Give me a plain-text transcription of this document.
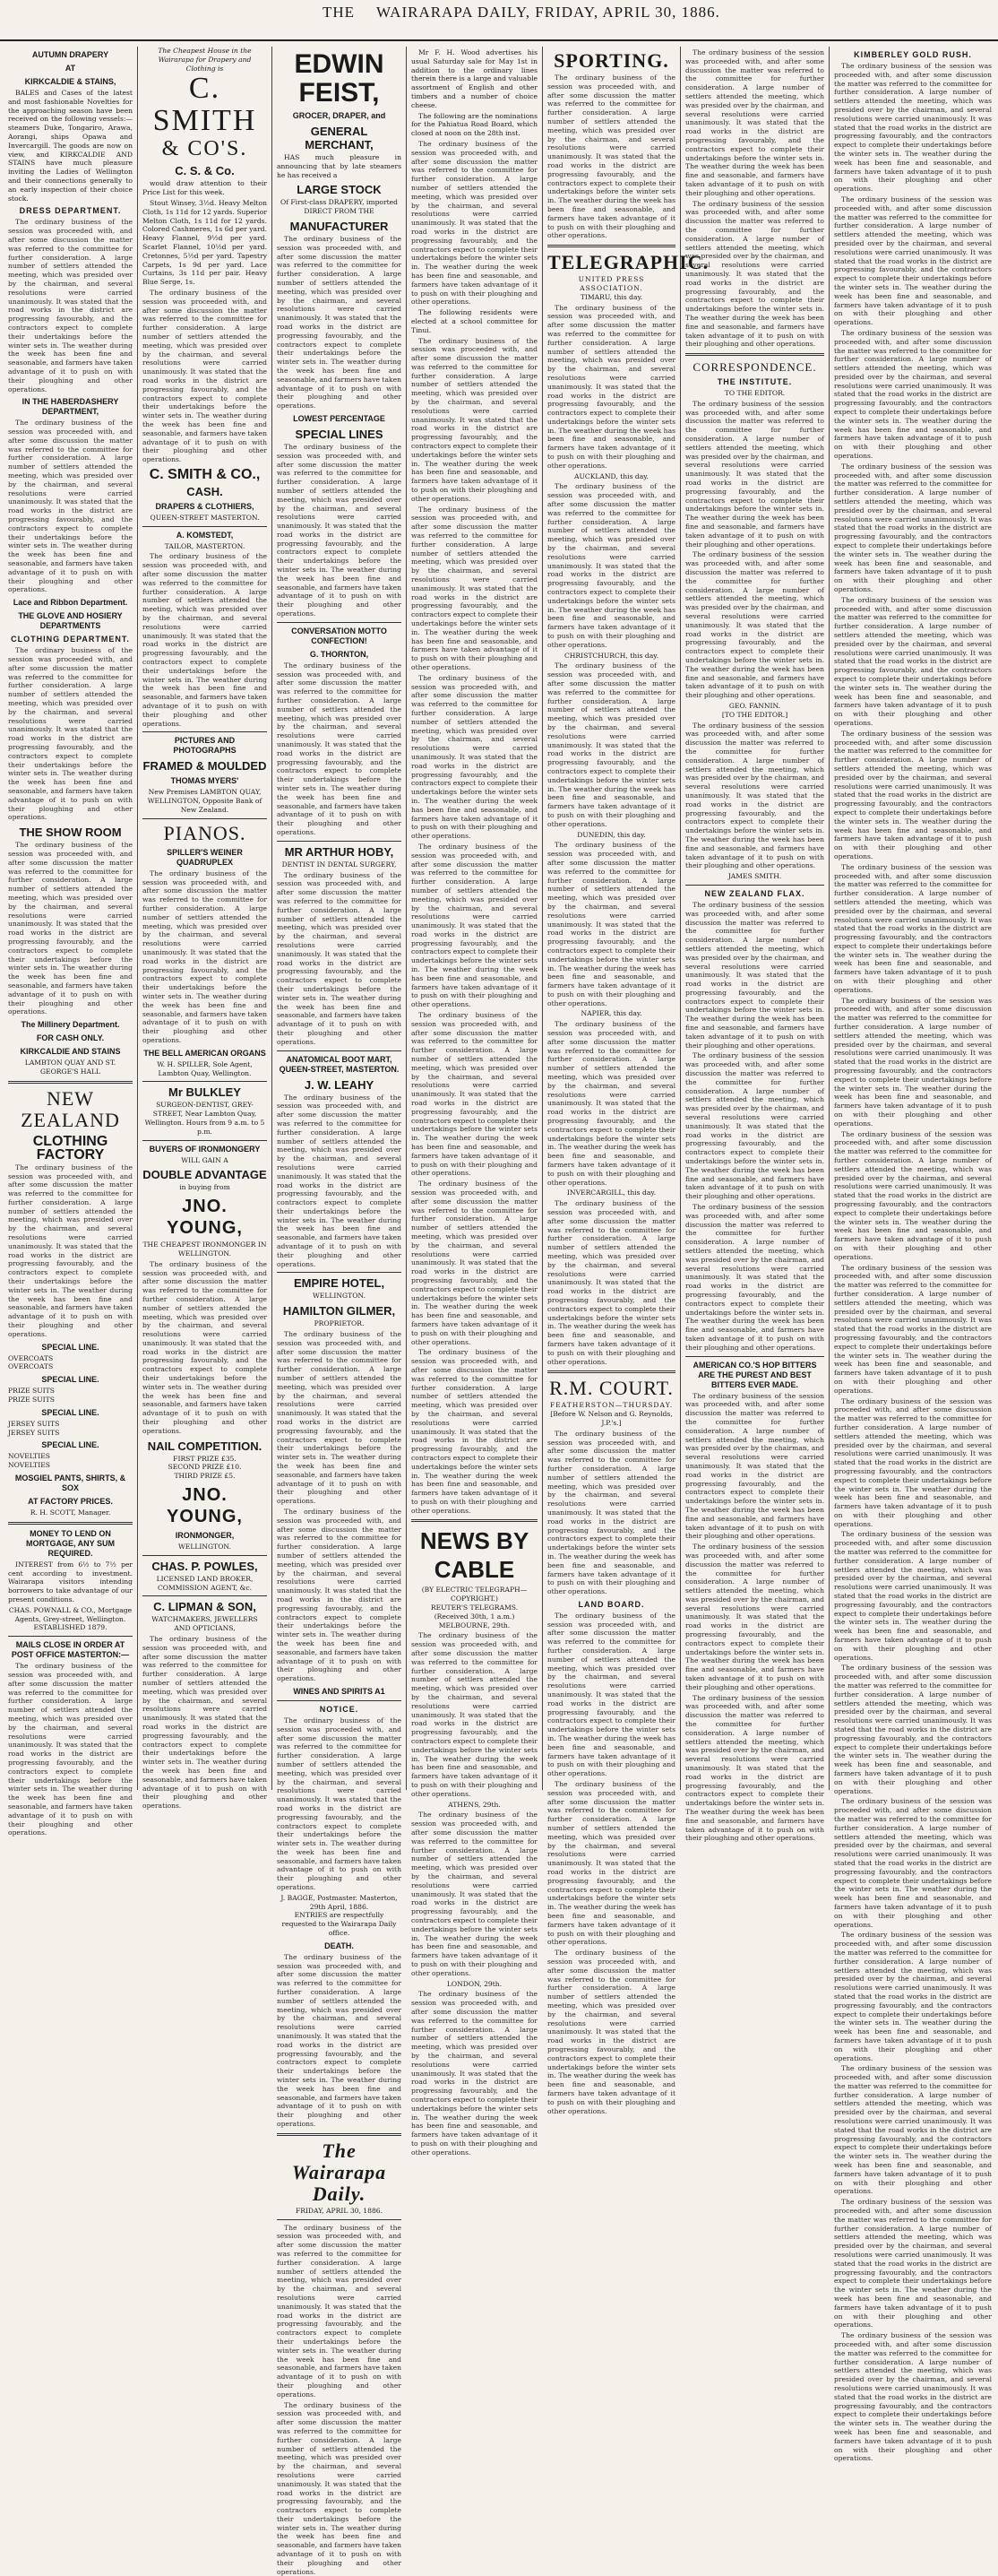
THE WAIRARAPA DAILY, FRIDAY, APRIL 30, 1886.
AUTUMN DRAPERY
AT
KIRKCALDIE & STAINS,
BALES and Cases of the latest and most fashionable Novelties for the approaching season have been received on the following vessels:—steamers Duke, Tongariro, Arawa, Aorangi, ships Opawa and Invercargill. The goods are now on view, and KIRKCALDIE AND STAINS have much pleasure inviting the Ladies of Wellington and their connections generally to an early inspection of their choice stock.
DRESS DEPARTMENT.
The ordinary business of the session was proceeded with, and after some discussion the matter was referred to the committee for further consideration. A large number of settlers attended the meeting, which was presided over by the chairman, and several resolutions were carried unanimously. It was stated that the road works in the district are progressing favourably, and the contractors expect to complete their undertakings before the winter sets in. The weather during the week has been fine and seasonable, and farmers have taken advantage of it to push on with their ploughing and other operations.
IN THE HABERDASHERY DEPARTMENT,
The ordinary business of the session was proceeded with, and after some discussion the matter was referred to the committee for further consideration. A large number of settlers attended the meeting, which was presided over by the chairman, and several resolutions were carried unanimously. It was stated that the road works in the district are progressing favourably, and the contractors expect to complete their undertakings before the winter sets in. The weather during the week has been fine and seasonable, and farmers have taken advantage of it to push on with their ploughing and other operations.
Lace and Ribbon Department.
THE GLOVE AND HOSIERY DEPARTMENTS
CLOTHING DEPARTMENT.
The ordinary business of the session was proceeded with, and after some discussion the matter was referred to the committee for further consideration. A large number of settlers attended the meeting, which was presided over by the chairman, and several resolutions were carried unanimously. It was stated that the road works in the district are progressing favourably, and the contractors expect to complete their undertakings before the winter sets in. The weather during the week has been fine and seasonable, and farmers have taken advantage of it to push on with their ploughing and other operations.
THE SHOW ROOM
The ordinary business of the session was proceeded with, and after some discussion the matter was referred to the committee for further consideration. A large number of settlers attended the meeting, which was presided over by the chairman, and several resolutions were carried unanimously. It was stated that the road works in the district are progressing favourably, and the contractors expect to complete their undertakings before the winter sets in. The weather during the week has been fine and seasonable, and farmers have taken advantage of it to push on with their ploughing and other operations.
The Millinery Department.
FOR CASH ONLY.
KIRKCALDIE AND STAINS
LAMBTON QUAY AND ST. GEORGE'S HALL
NEW ZEALAND
CLOTHING FACTORY
The ordinary business of the session was proceeded with, and after some discussion the matter was referred to the committee for further consideration. A large number of settlers attended the meeting, which was presided over by the chairman, and several resolutions were carried unanimously. It was stated that the road works in the district are progressing favourably, and the contractors expect to complete their undertakings before the winter sets in. The weather during the week has been fine and seasonable, and farmers have taken advantage of it to push on with their ploughing and other operations.
SPECIAL LINE.
OVERCOATS
OVERCOATS
SPECIAL LINE.
PRIZE SUITS
PRIZE SUITS
SPECIAL LINE.
JERSEY SUITS
JERSEY SUITS
SPECIAL LINE.
NOVELTIES
NOVELTIES
MOSGIEL PANTS, SHIRTS, & SOX
AT FACTORY PRICES.
R. H. SCOTT, Manager.
MONEY TO LEND ON MORTGAGE, ANY SUM REQUIRED.
INTEREST from 6½ to 7½ per cent according to investment. Wairarapa visitors intending borrowers to take advantage of our present conditions.
CHAS. POWNALL & CO., Mortgage Agents, Grey-street, Wellington. ESTABLISHED 1879.
MAILS CLOSE IN ORDER AT POST OFFICE MASTERTON:—
The ordinary business of the session was proceeded with, and after some discussion the matter was referred to the committee for further consideration. A large number of settlers attended the meeting, which was presided over by the chairman, and several resolutions were carried unanimously. It was stated that the road works in the district are progressing favourably, and the contractors expect to complete their undertakings before the winter sets in. The weather during the week has been fine and seasonable, and farmers have taken advantage of it to push on with their ploughing and other operations.
The Cheapest House in the Wairarapa for Drapery and Clothing is
C. SMITH
& CO'S.
C. S. & Co.
would draw attention to their Price List for this week.
Stout Winsey, 3½d. Heavy Melton Cloth, 1s 11d for 12 yards. Superior Melton Cloth, 1s 11d for 12 yards. Colored Cashmeres, 1s 6d per yard. Heavy Flannel, 9½d per yard. Scarlet Flannel, 10½d per yard. Cretonnes, 5½d per yard. Tapestry Carpets, 1s 9d per yard. Lace Curtains, 3s 11d per pair. Heavy Blue Serge, 1s.
The ordinary business of the session was proceeded with, and after some discussion the matter was referred to the committee for further consideration. A large number of settlers attended the meeting, which was presided over by the chairman, and several resolutions were carried unanimously. It was stated that the road works in the district are progressing favourably, and the contractors expect to complete their undertakings before the winter sets in. The weather during the week has been fine and seasonable, and farmers have taken advantage of it to push on with their ploughing and other operations.
C. SMITH & CO.,
CASH.
DRAPERS & CLOTHIERS,
QUEEN-STREET MASTERTON.
A. KOMSTEDT,
TAILOR, MASTERTON.
The ordinary business of the session was proceeded with, and after some discussion the matter was referred to the committee for further consideration. A large number of settlers attended the meeting, which was presided over by the chairman, and several resolutions were carried unanimously. It was stated that the road works in the district are progressing favourably, and the contractors expect to complete their undertakings before the winter sets in. The weather during the week has been fine and seasonable, and farmers have taken advantage of it to push on with their ploughing and other operations.
PICTURES AND PHOTOGRAPHS
FRAMED & MOULDED
THOMAS MYERS'
New Premises LAMBTON QUAY, WELLINGTON, Opposite Bank of New Zealand.
PIANOS.
SPILLER'S WEINER QUADRUPLEX
The ordinary business of the session was proceeded with, and after some discussion the matter was referred to the committee for further consideration. A large number of settlers attended the meeting, which was presided over by the chairman, and several resolutions were carried unanimously. It was stated that the road works in the district are progressing favourably, and the contractors expect to complete their undertakings before the winter sets in. The weather during the week has been fine and seasonable, and farmers have taken advantage of it to push on with their ploughing and other operations.
THE BELL AMERICAN ORGANS
W. H. SPILLER, Sole Agent, Lambton Quay, Wellington.
Mr BULKLEY
SURGEON-DENTIST, GREY-STREET, Near Lambton Quay, Wellington. Hours from 9 a.m. to 5 p.m.
BUYERS OF IRONMONGERY
WILL GAIN A
DOUBLE ADVANTAGE
in buying from
JNO. YOUNG,
THE CHEAPEST IRONMONGER IN WELLINGTON.
The ordinary business of the session was proceeded with, and after some discussion the matter was referred to the committee for further consideration. A large number of settlers attended the meeting, which was presided over by the chairman, and several resolutions were carried unanimously. It was stated that the road works in the district are progressing favourably, and the contractors expect to complete their undertakings before the winter sets in. The weather during the week has been fine and seasonable, and farmers have taken advantage of it to push on with their ploughing and other operations.
NAIL COMPETITION.
FIRST PRIZE £35.
SECOND PRIZE £10.
THIRD PRIZE £5.
JNO. YOUNG,
IRONMONGER,
WELLINGTON.
CHAS. P. POWLES,
LICENSED LAND BROKER, COMMISSION AGENT, &c.
C. LIPMAN & SON,
WATCHMAKERS, JEWELLERS AND OPTICIANS,
The ordinary business of the session was proceeded with, and after some discussion the matter was referred to the committee for further consideration. A large number of settlers attended the meeting, which was presided over by the chairman, and several resolutions were carried unanimously. It was stated that the road works in the district are progressing favourably, and the contractors expect to complete their undertakings before the winter sets in. The weather during the week has been fine and seasonable, and farmers have taken advantage of it to push on with their ploughing and other operations.
EDWIN FEIST,
GROCER, DRAPER, and
GENERAL MERCHANT,
HAS much pleasure in announcing that by late steamers he has received a
LARGE STOCK
Of First-class DRAPERY, imported
DIRECT FROM THE
MANUFACTURER
The ordinary business of the session was proceeded with, and after some discussion the matter was referred to the committee for further consideration. A large number of settlers attended the meeting, which was presided over by the chairman, and several resolutions were carried unanimously. It was stated that the road works in the district are progressing favourably, and the contractors expect to complete their undertakings before the winter sets in. The weather during the week has been fine and seasonable, and farmers have taken advantage of it to push on with their ploughing and other operations.
LOWEST PERCENTAGE
SPECIAL LINES
The ordinary business of the session was proceeded with, and after some discussion the matter was referred to the committee for further consideration. A large number of settlers attended the meeting, which was presided over by the chairman, and several resolutions were carried unanimously. It was stated that the road works in the district are progressing favourably, and the contractors expect to complete their undertakings before the winter sets in. The weather during the week has been fine and seasonable, and farmers have taken advantage of it to push on with their ploughing and other operations.
CONVERSATION MOTTO CONFECTION!
G. THORNTON,
The ordinary business of the session was proceeded with, and after some discussion the matter was referred to the committee for further consideration. A large number of settlers attended the meeting, which was presided over by the chairman, and several resolutions were carried unanimously. It was stated that the road works in the district are progressing favourably, and the contractors expect to complete their undertakings before the winter sets in. The weather during the week has been fine and seasonable, and farmers have taken advantage of it to push on with their ploughing and other operations.
MR ARTHUR HOBY,
DENTIST IN DENTAL SURGERY,
The ordinary business of the session was proceeded with, and after some discussion the matter was referred to the committee for further consideration. A large number of settlers attended the meeting, which was presided over by the chairman, and several resolutions were carried unanimously. It was stated that the road works in the district are progressing favourably, and the contractors expect to complete their undertakings before the winter sets in. The weather during the week has been fine and seasonable, and farmers have taken advantage of it to push on with their ploughing and other operations.
ANATOMICAL BOOT MART, QUEEN-STREET, MASTERTON.
J. W. LEAHY
The ordinary business of the session was proceeded with, and after some discussion the matter was referred to the committee for further consideration. A large number of settlers attended the meeting, which was presided over by the chairman, and several resolutions were carried unanimously. It was stated that the road works in the district are progressing favourably, and the contractors expect to complete their undertakings before the winter sets in. The weather during the week has been fine and seasonable, and farmers have taken advantage of it to push on with their ploughing and other operations.
EMPIRE HOTEL,
WELLINGTON.
HAMILTON GILMER,
PROPRIETOR.
The ordinary business of the session was proceeded with, and after some discussion the matter was referred to the committee for further consideration. A large number of settlers attended the meeting, which was presided over by the chairman, and several resolutions were carried unanimously. It was stated that the road works in the district are progressing favourably, and the contractors expect to complete their undertakings before the winter sets in. The weather during the week has been fine and seasonable, and farmers have taken advantage of it to push on with their ploughing and other operations.
The ordinary business of the session was proceeded with, and after some discussion the matter was referred to the committee for further consideration. A large number of settlers attended the meeting, which was presided over by the chairman, and several resolutions were carried unanimously. It was stated that the road works in the district are progressing favourably, and the contractors expect to complete their undertakings before the winter sets in. The weather during the week has been fine and seasonable, and farmers have taken advantage of it to push on with their ploughing and other operations.
WINES AND SPIRITS A1
NOTICE.
The ordinary business of the session was proceeded with, and after some discussion the matter was referred to the committee for further consideration. A large number of settlers attended the meeting, which was presided over by the chairman, and several resolutions were carried unanimously. It was stated that the road works in the district are progressing favourably, and the contractors expect to complete their undertakings before the winter sets in. The weather during the week has been fine and seasonable, and farmers have taken advantage of it to push on with their ploughing and other operations.
J. BAGGE, Postmaster. Masterton, 29th April, 1886.
ENTRIES are respectfully requested to the Wairarapa Daily office.
DEATH.
The ordinary business of the session was proceeded with, and after some discussion the matter was referred to the committee for further consideration. A large number of settlers attended the meeting, which was presided over by the chairman, and several resolutions were carried unanimously. It was stated that the road works in the district are progressing favourably, and the contractors expect to complete their undertakings before the winter sets in. The weather during the week has been fine and seasonable, and farmers have taken advantage of it to push on with their ploughing and other operations.
The Wairarapa Daily.
FRIDAY, APRIL 30, 1886.
The ordinary business of the session was proceeded with, and after some discussion the matter was referred to the committee for further consideration. A large number of settlers attended the meeting, which was presided over by the chairman, and several resolutions were carried unanimously. It was stated that the road works in the district are progressing favourably, and the contractors expect to complete their undertakings before the winter sets in. The weather during the week has been fine and seasonable, and farmers have taken advantage of it to push on with their ploughing and other operations.
The ordinary business of the session was proceeded with, and after some discussion the matter was referred to the committee for further consideration. A large number of settlers attended the meeting, which was presided over by the chairman, and several resolutions were carried unanimously. It was stated that the road works in the district are progressing favourably, and the contractors expect to complete their undertakings before the winter sets in. The weather during the week has been fine and seasonable, and farmers have taken advantage of it to push on with their ploughing and other operations.
Mr F. H. Wood advertises his usual Saturday sale for May 1st in addition to the ordinary lines therein there is a large and valuable assortment of English and other timbers and a number of choice cheese.
The following are the nominations for the Pahiatua Road Board, which closed at noon on the 28th inst.
The ordinary business of the session was proceeded with, and after some discussion the matter was referred to the committee for further consideration. A large number of settlers attended the meeting, which was presided over by the chairman, and several resolutions were carried unanimously. It was stated that the road works in the district are progressing favourably, and the contractors expect to complete their undertakings before the winter sets in. The weather during the week has been fine and seasonable, and farmers have taken advantage of it to push on with their ploughing and other operations.
The following residents were elected at a school committee for Tinui.
The ordinary business of the session was proceeded with, and after some discussion the matter was referred to the committee for further consideration. A large number of settlers attended the meeting, which was presided over by the chairman, and several resolutions were carried unanimously. It was stated that the road works in the district are progressing favourably, and the contractors expect to complete their undertakings before the winter sets in. The weather during the week has been fine and seasonable, and farmers have taken advantage of it to push on with their ploughing and other operations.
The ordinary business of the session was proceeded with, and after some discussion the matter was referred to the committee for further consideration. A large number of settlers attended the meeting, which was presided over by the chairman, and several resolutions were carried unanimously. It was stated that the road works in the district are progressing favourably, and the contractors expect to complete their undertakings before the winter sets in. The weather during the week has been fine and seasonable, and farmers have taken advantage of it to push on with their ploughing and other operations.
The ordinary business of the session was proceeded with, and after some discussion the matter was referred to the committee for further consideration. A large number of settlers attended the meeting, which was presided over by the chairman, and several resolutions were carried unanimously. It was stated that the road works in the district are progressing favourably, and the contractors expect to complete their undertakings before the winter sets in. The weather during the week has been fine and seasonable, and farmers have taken advantage of it to push on with their ploughing and other operations.
The ordinary business of the session was proceeded with, and after some discussion the matter was referred to the committee for further consideration. A large number of settlers attended the meeting, which was presided over by the chairman, and several resolutions were carried unanimously. It was stated that the road works in the district are progressing favourably, and the contractors expect to complete their undertakings before the winter sets in. The weather during the week has been fine and seasonable, and farmers have taken advantage of it to push on with their ploughing and other operations.
The ordinary business of the session was proceeded with, and after some discussion the matter was referred to the committee for further consideration. A large number of settlers attended the meeting, which was presided over by the chairman, and several resolutions were carried unanimously. It was stated that the road works in the district are progressing favourably, and the contractors expect to complete their undertakings before the winter sets in. The weather during the week has been fine and seasonable, and farmers have taken advantage of it to push on with their ploughing and other operations.
The ordinary business of the session was proceeded with, and after some discussion the matter was referred to the committee for further consideration. A large number of settlers attended the meeting, which was presided over by the chairman, and several resolutions were carried unanimously. It was stated that the road works in the district are progressing favourably, and the contractors expect to complete their undertakings before the winter sets in. The weather during the week has been fine and seasonable, and farmers have taken advantage of it to push on with their ploughing and other operations.
The ordinary business of the session was proceeded with, and after some discussion the matter was referred to the committee for further consideration. A large number of settlers attended the meeting, which was presided over by the chairman, and several resolutions were carried unanimously. It was stated that the road works in the district are progressing favourably, and the contractors expect to complete their undertakings before the winter sets in. The weather during the week has been fine and seasonable, and farmers have taken advantage of it to push on with their ploughing and other operations.
NEWS BY CABLE
(BY ELECTRIC TELEGRAPH—COPYRIGHT.)
REUTER'S TELEGRAMS.
(Received 30th, 1 a.m.)
MELBOURNE, 29th.
The ordinary business of the session was proceeded with, and after some discussion the matter was referred to the committee for further consideration. A large number of settlers attended the meeting, which was presided over by the chairman, and several resolutions were carried unanimously. It was stated that the road works in the district are progressing favourably, and the contractors expect to complete their undertakings before the winter sets in. The weather during the week has been fine and seasonable, and farmers have taken advantage of it to push on with their ploughing and other operations.
ATHENS, 29th.
The ordinary business of the session was proceeded with, and after some discussion the matter was referred to the committee for further consideration. A large number of settlers attended the meeting, which was presided over by the chairman, and several resolutions were carried unanimously. It was stated that the road works in the district are progressing favourably, and the contractors expect to complete their undertakings before the winter sets in. The weather during the week has been fine and seasonable, and farmers have taken advantage of it to push on with their ploughing and other operations.
LONDON, 29th.
The ordinary business of the session was proceeded with, and after some discussion the matter was referred to the committee for further consideration. A large number of settlers attended the meeting, which was presided over by the chairman, and several resolutions were carried unanimously. It was stated that the road works in the district are progressing favourably, and the contractors expect to complete their undertakings before the winter sets in. The weather during the week has been fine and seasonable, and farmers have taken advantage of it to push on with their ploughing and other operations.
SPORTING.
The ordinary business of the session was proceeded with, and after some discussion the matter was referred to the committee for further consideration. A large number of settlers attended the meeting, which was presided over by the chairman, and several resolutions were carried unanimously. It was stated that the road works in the district are progressing favourably, and the contractors expect to complete their undertakings before the winter sets in. The weather during the week has been fine and seasonable, and farmers have taken advantage of it to push on with their ploughing and other operations.
TELEGRAPHIC.
UNITED PRESS ASSOCIATION.
TIMARU, this day.
The ordinary business of the session was proceeded with, and after some discussion the matter was referred to the committee for further consideration. A large number of settlers attended the meeting, which was presided over by the chairman, and several resolutions were carried unanimously. It was stated that the road works in the district are progressing favourably, and the contractors expect to complete their undertakings before the winter sets in. The weather during the week has been fine and seasonable, and farmers have taken advantage of it to push on with their ploughing and other operations.
AUCKLAND, this day.
The ordinary business of the session was proceeded with, and after some discussion the matter was referred to the committee for further consideration. A large number of settlers attended the meeting, which was presided over by the chairman, and several resolutions were carried unanimously. It was stated that the road works in the district are progressing favourably, and the contractors expect to complete their undertakings before the winter sets in. The weather during the week has been fine and seasonable, and farmers have taken advantage of it to push on with their ploughing and other operations.
CHRISTCHURCH, this day.
The ordinary business of the session was proceeded with, and after some discussion the matter was referred to the committee for further consideration. A large number of settlers attended the meeting, which was presided over by the chairman, and several resolutions were carried unanimously. It was stated that the road works in the district are progressing favourably, and the contractors expect to complete their undertakings before the winter sets in. The weather during the week has been fine and seasonable, and farmers have taken advantage of it to push on with their ploughing and other operations.
DUNEDIN, this day.
The ordinary business of the session was proceeded with, and after some discussion the matter was referred to the committee for further consideration. A large number of settlers attended the meeting, which was presided over by the chairman, and several resolutions were carried unanimously. It was stated that the road works in the district are progressing favourably, and the contractors expect to complete their undertakings before the winter sets in. The weather during the week has been fine and seasonable, and farmers have taken advantage of it to push on with their ploughing and other operations.
NAPIER, this day.
The ordinary business of the session was proceeded with, and after some discussion the matter was referred to the committee for further consideration. A large number of settlers attended the meeting, which was presided over by the chairman, and several resolutions were carried unanimously. It was stated that the road works in the district are progressing favourably, and the contractors expect to complete their undertakings before the winter sets in. The weather during the week has been fine and seasonable, and farmers have taken advantage of it to push on with their ploughing and other operations.
INVERCARGILL, this day.
The ordinary business of the session was proceeded with, and after some discussion the matter was referred to the committee for further consideration. A large number of settlers attended the meeting, which was presided over by the chairman, and several resolutions were carried unanimously. It was stated that the road works in the district are progressing favourably, and the contractors expect to complete their undertakings before the winter sets in. The weather during the week has been fine and seasonable, and farmers have taken advantage of it to push on with their ploughing and other operations.
R.M. COURT.
FEATHERSTON—THURSDAY.
[Before W. Nelson and G. Reynolds, J.P.'s.]
The ordinary business of the session was proceeded with, and after some discussion the matter was referred to the committee for further consideration. A large number of settlers attended the meeting, which was presided over by the chairman, and several resolutions were carried unanimously. It was stated that the road works in the district are progressing favourably, and the contractors expect to complete their undertakings before the winter sets in. The weather during the week has been fine and seasonable, and farmers have taken advantage of it to push on with their ploughing and other operations.
LAND BOARD.
The ordinary business of the session was proceeded with, and after some discussion the matter was referred to the committee for further consideration. A large number of settlers attended the meeting, which was presided over by the chairman, and several resolutions were carried unanimously. It was stated that the road works in the district are progressing favourably, and the contractors expect to complete their undertakings before the winter sets in. The weather during the week has been fine and seasonable, and farmers have taken advantage of it to push on with their ploughing and other operations.
The ordinary business of the session was proceeded with, and after some discussion the matter was referred to the committee for further consideration. A large number of settlers attended the meeting, which was presided over by the chairman, and several resolutions were carried unanimously. It was stated that the road works in the district are progressing favourably, and the contractors expect to complete their undertakings before the winter sets in. The weather during the week has been fine and seasonable, and farmers have taken advantage of it to push on with their ploughing and other operations.
The ordinary business of the session was proceeded with, and after some discussion the matter was referred to the committee for further consideration. A large number of settlers attended the meeting, which was presided over by the chairman, and several resolutions were carried unanimously. It was stated that the road works in the district are progressing favourably, and the contractors expect to complete their undertakings before the winter sets in. The weather during the week has been fine and seasonable, and farmers have taken advantage of it to push on with their ploughing and other operations.
The ordinary business of the session was proceeded with, and after some discussion the matter was referred to the committee for further consideration. A large number of settlers attended the meeting, which was presided over by the chairman, and several resolutions were carried unanimously. It was stated that the road works in the district are progressing favourably, and the contractors expect to complete their undertakings before the winter sets in. The weather during the week has been fine and seasonable, and farmers have taken advantage of it to push on with their ploughing and other operations.
The ordinary business of the session was proceeded with, and after some discussion the matter was referred to the committee for further consideration. A large number of settlers attended the meeting, which was presided over by the chairman, and several resolutions were carried unanimously. It was stated that the road works in the district are progressing favourably, and the contractors expect to complete their undertakings before the winter sets in. The weather during the week has been fine and seasonable, and farmers have taken advantage of it to push on with their ploughing and other operations.
CORRESPONDENCE.
THE INSTITUTE.
TO THE EDITOR.
The ordinary business of the session was proceeded with, and after some discussion the matter was referred to the committee for further consideration. A large number of settlers attended the meeting, which was presided over by the chairman, and several resolutions were carried unanimously. It was stated that the road works in the district are progressing favourably, and the contractors expect to complete their undertakings before the winter sets in. The weather during the week has been fine and seasonable, and farmers have taken advantage of it to push on with their ploughing and other operations.
The ordinary business of the session was proceeded with, and after some discussion the matter was referred to the committee for further consideration. A large number of settlers attended the meeting, which was presided over by the chairman, and several resolutions were carried unanimously. It was stated that the road works in the district are progressing favourably, and the contractors expect to complete their undertakings before the winter sets in. The weather during the week has been fine and seasonable, and farmers have taken advantage of it to push on with their ploughing and other operations.
GEO. FANNIN.
[TO THE EDITOR.]
The ordinary business of the session was proceeded with, and after some discussion the matter was referred to the committee for further consideration. A large number of settlers attended the meeting, which was presided over by the chairman, and several resolutions were carried unanimously. It was stated that the road works in the district are progressing favourably, and the contractors expect to complete their undertakings before the winter sets in. The weather during the week has been fine and seasonable, and farmers have taken advantage of it to push on with their ploughing and other operations.
JAMES SMITH.
NEW ZEALAND FLAX.
The ordinary business of the session was proceeded with, and after some discussion the matter was referred to the committee for further consideration. A large number of settlers attended the meeting, which was presided over by the chairman, and several resolutions were carried unanimously. It was stated that the road works in the district are progressing favourably, and the contractors expect to complete their undertakings before the winter sets in. The weather during the week has been fine and seasonable, and farmers have taken advantage of it to push on with their ploughing and other operations.
The ordinary business of the session was proceeded with, and after some discussion the matter was referred to the committee for further consideration. A large number of settlers attended the meeting, which was presided over by the chairman, and several resolutions were carried unanimously. It was stated that the road works in the district are progressing favourably, and the contractors expect to complete their undertakings before the winter sets in. The weather during the week has been fine and seasonable, and farmers have taken advantage of it to push on with their ploughing and other operations.
The ordinary business of the session was proceeded with, and after some discussion the matter was referred to the committee for further consideration. A large number of settlers attended the meeting, which was presided over by the chairman, and several resolutions were carried unanimously. It was stated that the road works in the district are progressing favourably, and the contractors expect to complete their undertakings before the winter sets in. The weather during the week has been fine and seasonable, and farmers have taken advantage of it to push on with their ploughing and other operations.
AMERICAN CO.'S HOP BITTERS ARE THE PUREST AND BEST BITTERS EVER MADE.
The ordinary business of the session was proceeded with, and after some discussion the matter was referred to the committee for further consideration. A large number of settlers attended the meeting, which was presided over by the chairman, and several resolutions were carried unanimously. It was stated that the road works in the district are progressing favourably, and the contractors expect to complete their undertakings before the winter sets in. The weather during the week has been fine and seasonable, and farmers have taken advantage of it to push on with their ploughing and other operations.
The ordinary business of the session was proceeded with, and after some discussion the matter was referred to the committee for further consideration. A large number of settlers attended the meeting, which was presided over by the chairman, and several resolutions were carried unanimously. It was stated that the road works in the district are progressing favourably, and the contractors expect to complete their undertakings before the winter sets in. The weather during the week has been fine and seasonable, and farmers have taken advantage of it to push on with their ploughing and other operations.
The ordinary business of the session was proceeded with, and after some discussion the matter was referred to the committee for further consideration. A large number of settlers attended the meeting, which was presided over by the chairman, and several resolutions were carried unanimously. It was stated that the road works in the district are progressing favourably, and the contractors expect to complete their undertakings before the winter sets in. The weather during the week has been fine and seasonable, and farmers have taken advantage of it to push on with their ploughing and other operations.
KIMBERLEY GOLD RUSH.
The ordinary business of the session was proceeded with, and after some discussion the matter was referred to the committee for further consideration. A large number of settlers attended the meeting, which was presided over by the chairman, and several resolutions were carried unanimously. It was stated that the road works in the district are progressing favourably, and the contractors expect to complete their undertakings before the winter sets in. The weather during the week has been fine and seasonable, and farmers have taken advantage of it to push on with their ploughing and other operations.
The ordinary business of the session was proceeded with, and after some discussion the matter was referred to the committee for further consideration. A large number of settlers attended the meeting, which was presided over by the chairman, and several resolutions were carried unanimously. It was stated that the road works in the district are progressing favourably, and the contractors expect to complete their undertakings before the winter sets in. The weather during the week has been fine and seasonable, and farmers have taken advantage of it to push on with their ploughing and other operations.
The ordinary business of the session was proceeded with, and after some discussion the matter was referred to the committee for further consideration. A large number of settlers attended the meeting, which was presided over by the chairman, and several resolutions were carried unanimously. It was stated that the road works in the district are progressing favourably, and the contractors expect to complete their undertakings before the winter sets in. The weather during the week has been fine and seasonable, and farmers have taken advantage of it to push on with their ploughing and other operations.
The ordinary business of the session was proceeded with, and after some discussion the matter was referred to the committee for further consideration. A large number of settlers attended the meeting, which was presided over by the chairman, and several resolutions were carried unanimously. It was stated that the road works in the district are progressing favourably, and the contractors expect to complete their undertakings before the winter sets in. The weather during the week has been fine and seasonable, and farmers have taken advantage of it to push on with their ploughing and other operations.
The ordinary business of the session was proceeded with, and after some discussion the matter was referred to the committee for further consideration. A large number of settlers attended the meeting, which was presided over by the chairman, and several resolutions were carried unanimously. It was stated that the road works in the district are progressing favourably, and the contractors expect to complete their undertakings before the winter sets in. The weather during the week has been fine and seasonable, and farmers have taken advantage of it to push on with their ploughing and other operations.
The ordinary business of the session was proceeded with, and after some discussion the matter was referred to the committee for further consideration. A large number of settlers attended the meeting, which was presided over by the chairman, and several resolutions were carried unanimously. It was stated that the road works in the district are progressing favourably, and the contractors expect to complete their undertakings before the winter sets in. The weather during the week has been fine and seasonable, and farmers have taken advantage of it to push on with their ploughing and other operations.
The ordinary business of the session was proceeded with, and after some discussion the matter was referred to the committee for further consideration. A large number of settlers attended the meeting, which was presided over by the chairman, and several resolutions were carried unanimously. It was stated that the road works in the district are progressing favourably, and the contractors expect to complete their undertakings before the winter sets in. The weather during the week has been fine and seasonable, and farmers have taken advantage of it to push on with their ploughing and other operations.
The ordinary business of the session was proceeded with, and after some discussion the matter was referred to the committee for further consideration. A large number of settlers attended the meeting, which was presided over by the chairman, and several resolutions were carried unanimously. It was stated that the road works in the district are progressing favourably, and the contractors expect to complete their undertakings before the winter sets in. The weather during the week has been fine and seasonable, and farmers have taken advantage of it to push on with their ploughing and other operations.
The ordinary business of the session was proceeded with, and after some discussion the matter was referred to the committee for further consideration. A large number of settlers attended the meeting, which was presided over by the chairman, and several resolutions were carried unanimously. It was stated that the road works in the district are progressing favourably, and the contractors expect to complete their undertakings before the winter sets in. The weather during the week has been fine and seasonable, and farmers have taken advantage of it to push on with their ploughing and other operations.
The ordinary business of the session was proceeded with, and after some discussion the matter was referred to the committee for further consideration. A large number of settlers attended the meeting, which was presided over by the chairman, and several resolutions were carried unanimously. It was stated that the road works in the district are progressing favourably, and the contractors expect to complete their undertakings before the winter sets in. The weather during the week has been fine and seasonable, and farmers have taken advantage of it to push on with their ploughing and other operations.
The ordinary business of the session was proceeded with, and after some discussion the matter was referred to the committee for further consideration. A large number of settlers attended the meeting, which was presided over by the chairman, and several resolutions were carried unanimously. It was stated that the road works in the district are progressing favourably, and the contractors expect to complete their undertakings before the winter sets in. The weather during the week has been fine and seasonable, and farmers have taken advantage of it to push on with their ploughing and other operations.
The ordinary business of the session was proceeded with, and after some discussion the matter was referred to the committee for further consideration. A large number of settlers attended the meeting, which was presided over by the chairman, and several resolutions were carried unanimously. It was stated that the road works in the district are progressing favourably, and the contractors expect to complete their undertakings before the winter sets in. The weather during the week has been fine and seasonable, and farmers have taken advantage of it to push on with their ploughing and other operations.
The ordinary business of the session was proceeded with, and after some discussion the matter was referred to the committee for further consideration. A large number of settlers attended the meeting, which was presided over by the chairman, and several resolutions were carried unanimously. It was stated that the road works in the district are progressing favourably, and the contractors expect to complete their undertakings before the winter sets in. The weather during the week has been fine and seasonable, and farmers have taken advantage of it to push on with their ploughing and other operations.
The ordinary business of the session was proceeded with, and after some discussion the matter was referred to the committee for further consideration. A large number of settlers attended the meeting, which was presided over by the chairman, and several resolutions were carried unanimously. It was stated that the road works in the district are progressing favourably, and the contractors expect to complete their undertakings before the winter sets in. The weather during the week has been fine and seasonable, and farmers have taken advantage of it to push on with their ploughing and other operations.
The ordinary business of the session was proceeded with, and after some discussion the matter was referred to the committee for further consideration. A large number of settlers attended the meeting, which was presided over by the chairman, and several resolutions were carried unanimously. It was stated that the road works in the district are progressing favourably, and the contractors expect to complete their undertakings before the winter sets in. The weather during the week has been fine and seasonable, and farmers have taken advantage of it to push on with their ploughing and other operations.
The ordinary business of the session was proceeded with, and after some discussion the matter was referred to the committee for further consideration. A large number of settlers attended the meeting, which was presided over by the chairman, and several resolutions were carried unanimously. It was stated that the road works in the district are progressing favourably, and the contractors expect to complete their undertakings before the winter sets in. The weather during the week has been fine and seasonable, and farmers have taken advantage of it to push on with their ploughing and other operations.
The ordinary business of the session was proceeded with, and after some discussion the matter was referred to the committee for further consideration. A large number of settlers attended the meeting, which was presided over by the chairman, and several resolutions were carried unanimously. It was stated that the road works in the district are progressing favourably, and the contractors expect to complete their undertakings before the winter sets in. The weather during the week has been fine and seasonable, and farmers have taken advantage of it to push on with their ploughing and other operations.
The ordinary business of the session was proceeded with, and after some discussion the matter was referred to the committee for further consideration. A large number of settlers attended the meeting, which was presided over by the chairman, and several resolutions were carried unanimously. It was stated that the road works in the district are progressing favourably, and the contractors expect to complete their undertakings before the winter sets in. The weather during the week has been fine and seasonable, and farmers have taken advantage of it to push on with their ploughing and other operations.
